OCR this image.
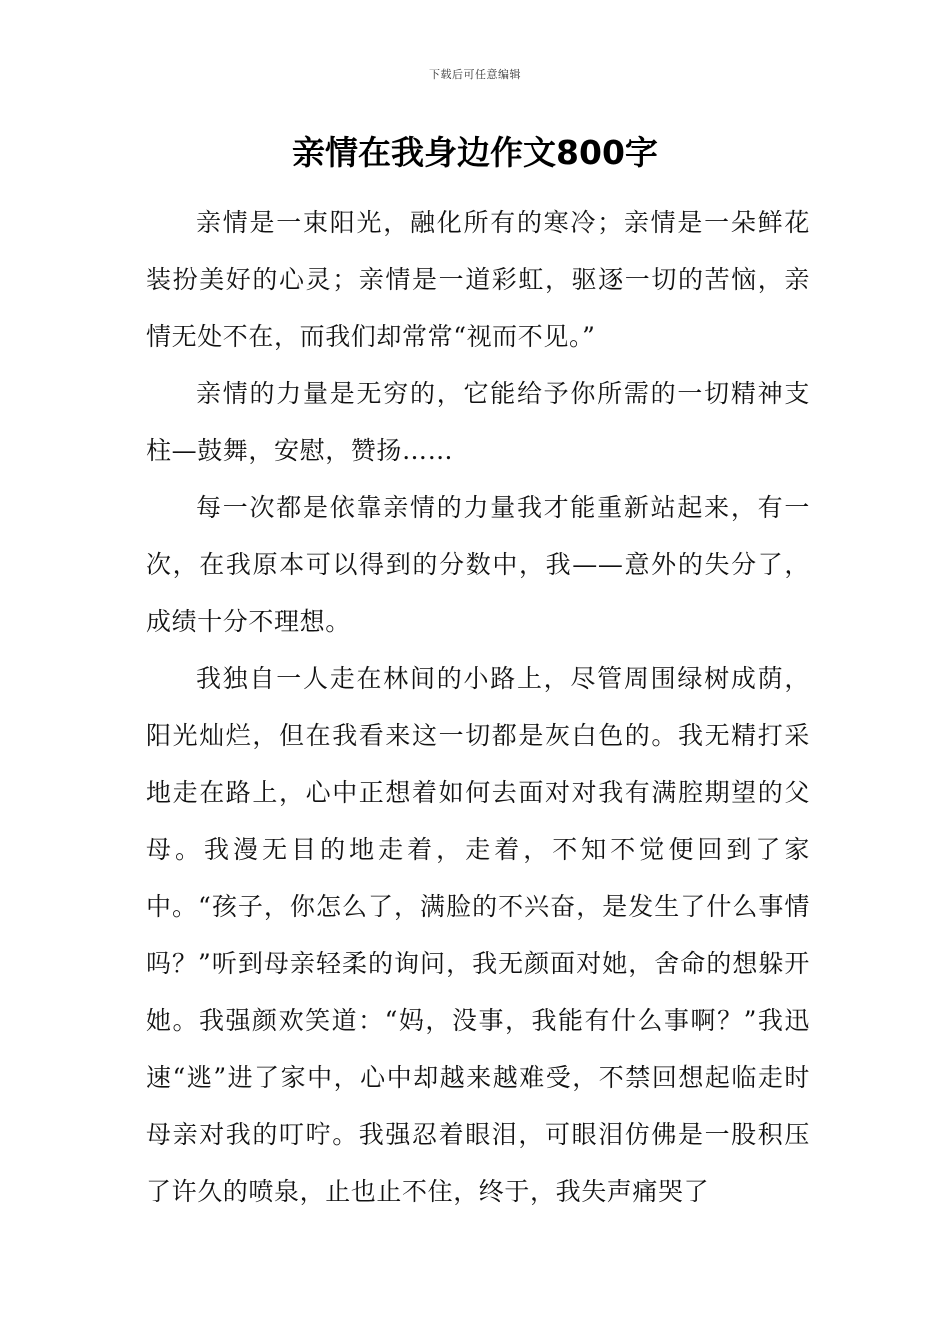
下载后可任意编辑
亲情在我身边作文800字

亲情是一束阳光，融化所有的寒冷；亲情是一朵鲜花装扮美好的心灵；亲情是一道彩虹，驱逐一切的苦恼，亲情无处不在，而我们却常常“视而不见。”

亲情的力量是无穷的，它能给予你所需的一切精神支柱—鼓舞，安慰，赞扬……

每一次都是依靠亲情的力量我才能重新站起来，有一次，在我原本可以得到的分数中，我——意外的失分了，成绩十分不理想。

我独自一人走在林间的小路上，尽管周围绿树成荫，阳光灿烂，但在我看来这一切都是灰白色的。我无精打采地走在路上，心中正想着如何去面对对我有满腔期望的父母。我漫无目的地走着，走着，不知不觉便回到了家中。“孩子，你怎么了，满脸的不兴奋，是发生了什么事情吗？”听到母亲轻柔的询问，我无颜面对她，舍命的想躲开她。我强颜欢笑道：“妈，没事，我能有什么事啊？”我迅速“逃”进了家中，心中却越来越难受，不禁回想起临走时母亲对我的叮咛。我强忍着眼泪，可眼泪仿佛是一股积压了许久的喷泉，止也止不住，终于，我失声痛哭了
